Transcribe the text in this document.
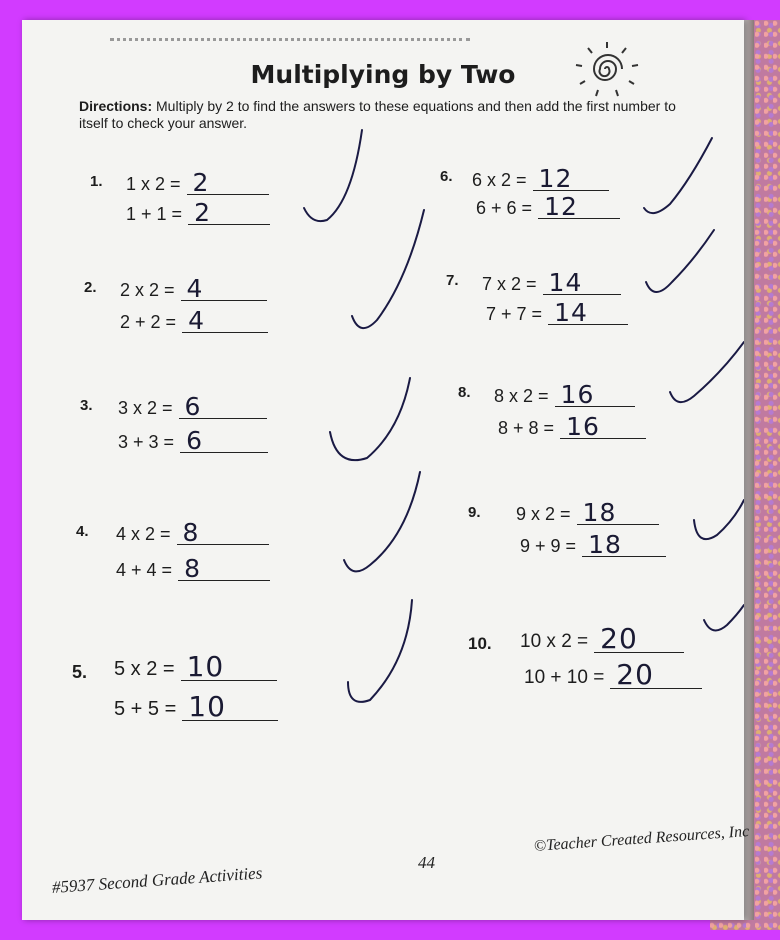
Multiplying by Two
Directions: Multiply by 2 to find the answers to these equations and then add the first number to itself to check your answer.
1. 1 x 2 = 2
1 + 1 = 2
2. 2 x 2 = 4
2 + 2 = 4
3. 3 x 2 = 6
3 + 3 = 6
4. 4 x 2 = 8
4 + 4 = 8
5. 5 x 2 = 10
5 + 5 = 10
6. 6 x 2 = 12
6 + 6 = 12
7. 7 x 2 = 14
7 + 7 = 14
8. 8 x 2 = 16
8 + 8 = 16
9. 9 x 2 = 18
9 + 9 = 18
10. 10 x 2 = 20
10 + 10 = 20
44
#5937 Second Grade Activities
©Teacher Created Resources, Inc
